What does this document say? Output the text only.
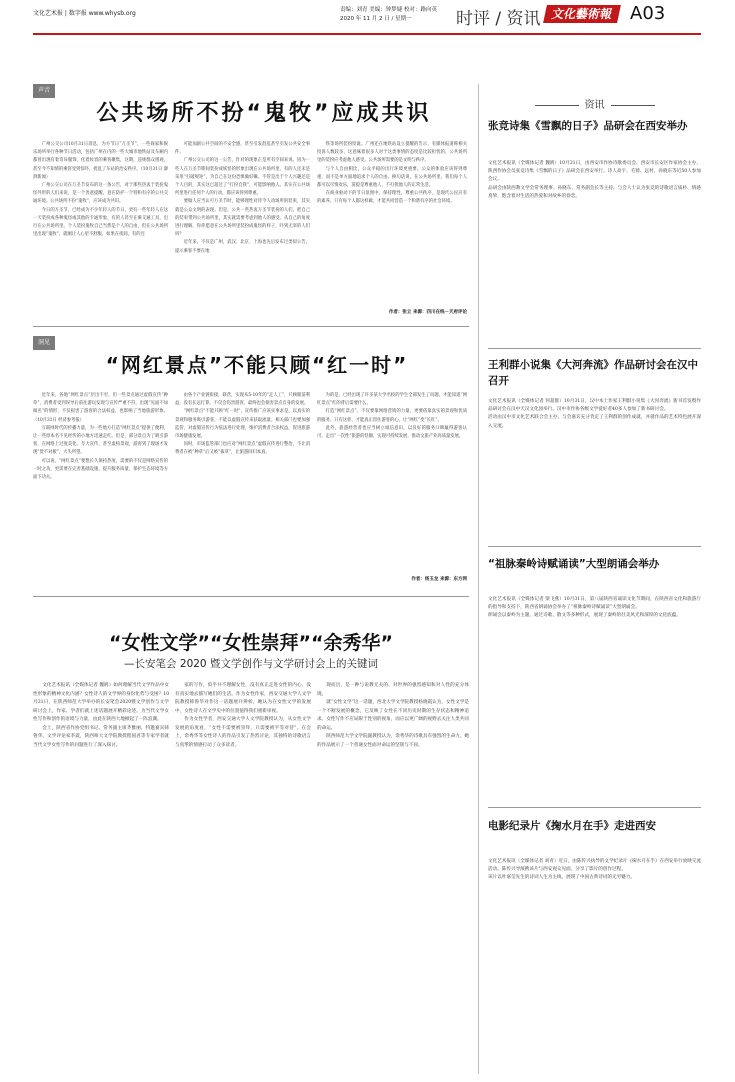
文化艺术报 | 数字报 www.whysb.org	责编：刘青 美编：钟梦婕 校对：路向英
2020 年 11 月 2 日 / 星期一	时评 / 资讯 文化藝術報 A03
声音
公共场所不扮“鬼牧”应成共识
广州公交公司10月31日消息，为方节日“万圣节”，一些商家和娱乐场所举行各种节日活动，包括广州在内的一些大城市地铁站及车厢内都曾出现有着奇异服饰、化着妆容的乘客聚集，这期，违规群众围观，甚至今不知情的乘客受到惊吓，扰乱了车站的治安秩序。（10月31日 澎湃新闻）
广州公交公司在万圣节发布的这一条公告，对于那些热衷于装扮鬼怪外形的人们来说，是一个善意提醒，意在防护一个特和有序的公共交通环境。公共场所不扮“鬼牧”，应该成为共识。
今日的万圣节，已经成为不少年轻人的节日，更有一些年轻人在这一天装扮成各种鬼怪或其他的卡通形象，有的人甚至在乘交通工具，出行在公共场所里。个人装扮鬼牧自己当然是个人的自由，但在公共场所里出现“鬼牧”，就刚让人心里不舒服，如果在夜间，有的还
可能加剧公共空间的不安全感，甚至引发混乱甚至引发公共安全事件。
广州公交公司的这一公告，针对的现象正是所有空间来说。因为一些人在万圣节期间装扮成妖怪的形象出现在公共场所里，有的人还未是采用“打破规矩”，为自己在这份恐惧做好嘛。不管是出于个人兴趣还是个人目的，其实这已超过了“打扮自我”，可能影响他人。其实在公共场所里进行任何个人的行动，都应该得到尊重。
要做人应当认可万圣节时，能够理性对待今人动场所的装束，其实就是公众文明的表现。但是，公共一些热衷万圣节装扮的人们，把自己的装束带到公共场所里，其实就需要考虑到他人的感受。从自己的角度进行理解，你你愿意在公共场所里装扮成鬼怪的样子，吓到无辜的人们吗？
近年来，不仅是广州，武汉、北京、上海也先后发布过类似公告，提示乘客不要在地
铁等场所装扮怪诞。广州还在地铁站设立提醒的告示，有媒体报道称相关投诉人数较多，这意味着很多人对于这类事情的态度是比较担忧的，公共场所里的装扮应考虑他人感受。公共场所需要的是文明与秩序。
与个人自由相比，公众平稳的出行环境更重要。公众的体验应该得到尊重，而不是单方面地追求个人的自由。换句话说，在公共场所里，我们每个人都可以尽情欢乐，前提是尊重他人，不打扰他人的正常生活。
在商业驱动下的节日氛围中，保持理性，尊重公共秩序，是现代公民应有的素养。只有每个人都这样做，才能共同营造一个和谐有序的社会环境。
作者：张立 来源：四川在线－天府评论
洞见
“网红景点”不能只顾“红一时”
近年来，各地“网红景点”层出不穷，但一些景点通过虚假宣传“种草”，消费者受到误导后前往游玩发现与宣传严重不符，出现“见面不如闻名”的情形，不仅损害了游客的合法权益，也影响了当地旅游形象。（10月31日 经济参考报）
互联网时代的传播力量，为一些地方打造“网红景点”提供了便利，让一些原本名不见经传的小地方迅速走红。但是，部分景点为了吸引游客，在网络上过度美化、夸大宣传，甚至虚构景观，游客到了现场才发现“货不对板”，大失所望。
可以说，“网红景点”要想长久保持热度，需要的不仅是网络宣传的一时之功，更需要在完善基础设施、提升服务质量、保护生态环境等方面下功夫。
由各个产业链衔接，联营，实现从5-10年的“走人工”，只顾眼前利益，没有长远打算，不仅会伤害游客，最终也会损害景点自身的发展。
“网红景点”不能只顾“红一时”，宣传推广应该实事求是，以真实的景观和服务吸引游客，不能以虚假宣传来获取流量。相关部门也要加强监管，对虚假宣传行为依法进行处理，维护消费者合法权益，促进旅游市场健康发展。
同时，市场监管部门也应对“网红景点”虚假宣传进行整治，不让消费者在被“种草”后又被“拔草”，让旅游回归本真。
为的是，已经出现了许多某大学名校的学生全部发生了问题，才能知道“网红景点”红的背后需要什么。
打造“网红景点”，不仅要靠网络营销的力量，更要依靠真实的景观和优质的服务。只有这样，才能真正留住游客的心，让“网红”变“长红”。
此外，旅游经营者也应当树立诚信意识，以良好的服务口碑赢得游客认可，走出“一次性”旅游的怪圈，实现可持续发展，推动文旅产业高质量发展。
作者：杨玉龙 来源：东方网
“女性文学”“女性崇拜”“余秀华”
—长安笔会 2020 暨文学创作与文学研讨会上的关键词
文化艺术报讯（全媒体记者 魏鸥）如何理解当代文学作品中女性形象的精神文化内涵？女性诗人的文学界的身份化势与受困？10月31日，在陕西师范大学举办的长安笔会2020暨文学创作与文学研讨会上，作家、学者们就上述话题展开精彩论述。为当代文学女性写作和创作的语境与力量，由此在陕西大地掀起了一阵浪潮。
会上，陕西省作协党组书记、常务副主席齐雅丽，特邀嘉宾韩鲁华、文学评论家李震，陕西师大文学院教授程国君等专家学者就当代文学女性写作的问题进行了深入探讨。
家的写作，似乎并不理解女性，没有真正走进女性的内心，没有真实地去描写她们的生活。作为女性作家，西安交通大学人文学院教授韩鲁华对作这一话题展开辨析，她认为在女性文学的发展中，女性诗人在文学史中的位置值得我们重新审视。
作为女性学者，西安交通大学人文学院教授认为，从女性文学发展的角度看，“女性不需要被崇拜，只需要被平等对待”。在会上，余秀华等女性诗人的作品引发了热烈讨论，其独特的诗歌语言与真挚的情感打动了众多读者。
现而出，是一种与说教无关的、对世界的强烈感知和对人性的充分体现。
就“女性文学”这一话题，西北大学文学院教授杨晓霞认为，女性文学是一个不断发展的概念，它反映了女性在不同历史时期的生存状态和精神追求。女性写作不应局限于性别的视角，而应以更广阔的视野去关注人类共同的命运。
陕西师范大学文学院副教授认为，余秀华的诗歌具有强烈的生命力，她的作品展示了一个普通女性面对命运的坚韧与不屈。
资讯
张竞诗集《雪飘的日子》品研会在西安举办
文化艺术报讯（全媒体记者 魏鸥）10月31日，由西安市作协诗歌委员会、西安市长安区作家协会主办，陕西作协会员张竞诗集《雪飘的日子》品研会在西安举行。诗人高宇、毛锜、远村、孙晓东等近50人参加会议。
品研会由陕西教文学会常务理事、孙晓东、常务副会长等主持。与会人士认为张竞的诗歌语言质朴、情感真挚，饱含着对生活的热爱和对故乡的眷恋。
王利群小说集《大河奔流》作品研讨会在汉中召开
文化艺术报讯（全媒体记者 何超群）10月31日，汉中本土作家王利群小说集《大河奔流》新书首发暨作品研讨会在汉中天汉文化园举行。汉中市作协各级文学爱好者40多人参加了新书研讨会。
活动由汉中市文化艺术联合会主办，与会嘉宾充分肯定了王利群的创作成就，并就作品的艺术特色展开深入交流。
“祖脉秦岭诗赋诵读”大型朗诵会举办
文化艺术报讯（全媒体记者 梁飞燕）10月31日，第八届陕西省诵读文化节期间，在陕西省文化和旅游厅的指导和支持下，陕西省朗诵协会举办了“祖脉秦岭诗赋诵读”大型朗诵会。
朗诵会以秦岭为主题，通过诗歌、散文等多种形式，展现了秦岭的壮美风光和深厚的文化底蕴。
电影纪录片《掬水月在手》走进西安
文化艺术报讯（全媒体记者 刘青）近日，由陈传兴执导的文学纪录片《掬水月在手》在西安举行放映交流活动。陈传兴导演携该片与西安观众见面，分享了影片的创作过程。
该片以叶嘉莹先生的诗词人生为主线，展现了中国古典诗词的无穷魅力。
